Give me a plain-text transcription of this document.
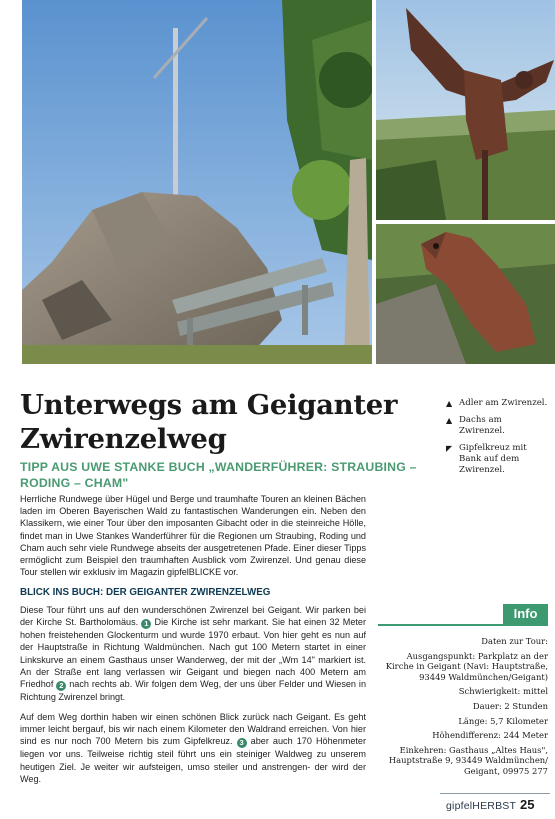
Unterwegs am Geiganter Zwirenzelweg

TIPP AUS UWE STANKE BUCH „WANDERFÜHRER: STRAUBING – RODING – CHAM"

Herrliche Rundwege über Hügel und Berge und traumhafte Touren an kleinen Bächen laden im Oberen Bayerischen Wald zu fantastischen Wanderungen ein. Neben den Klassikern, wie einer Tour über den imposanten Gibacht oder in die steinreiche Hölle, findet man in Uwe Stankes Wanderführer für die Regionen um Straubing, Roding und Cham auch sehr viele Rundwege abseits der ausgetretenen Pfade. Einer dieser Tipps ermöglicht zum Beispiel den traumhaften Ausblick vom Zwirenzel. Und genau diese Tour stellen wir exklusiv im Magazin gipfelBLICKE vor.

BLICK INS BUCH: DER GEIGANTER ZWIRENZELWEG

Diese Tour führt uns auf den wunderschönen Zwirenzel bei Geigant. Wir parken bei der Kirche St. Bartholomäus. 1 Die Kirche ist sehr markant. Sie hat einen 32 Meter hohen freistehenden Glockenturm und wurde 1970 erbaut. Von hier geht es nun auf der Hauptstraße in Richtung Waldmünchen. Nach gut 100 Metern startet in einer Linkskurve an einem Gasthaus unser Wanderweg, der mit der „Wm 14" markiert ist. An der Straße ent lang verlassen wir Geigant und biegen nach 400 Metern am Friedhof 2 nach rechts ab. Wir folgen dem Weg, der uns über Felder und Wiesen in Richtung Zwirenzel bringt.

Auf dem Weg dorthin haben wir einen schönen Blick zurück nach Geigant. Es geht immer leicht bergauf, bis wir nach einem Kilometer den Waldrand erreichen. Von hier sind es nur noch 700 Metern bis zum Gipfelkreuz. 3 aber auch 170 Höhenmeter liegen vor uns. Teilweise richtig steil führt uns ein steiniger Waldweg zu unserem heutigen Ziel. Je weiter wir aufsteigen, umso steiler und anstrengen- der wird der Weg.

▲ Adler am Zwirenzel.
▲ Dachs am Zwirenzel.
◤ Gipfelkreuz mit Bank auf dem Zwirenzel.
Info

Daten zur Tour:

Ausgangspunkt: Parkplatz an der Kirche in Geigant (Navi: Hauptstraße, 93449 Waldmünchen/Geigant)

Schwierigkeit: mittel

Dauer: 2 Stunden

Länge: 5,7 Kilometer

Höhendifferenz: 244 Meter

Einkehren: Gasthaus „Altes Haus", Hauptstraße 9, 93449 Waldmünchen/ Geigant, 09975 277

gipfelHERBST 25
